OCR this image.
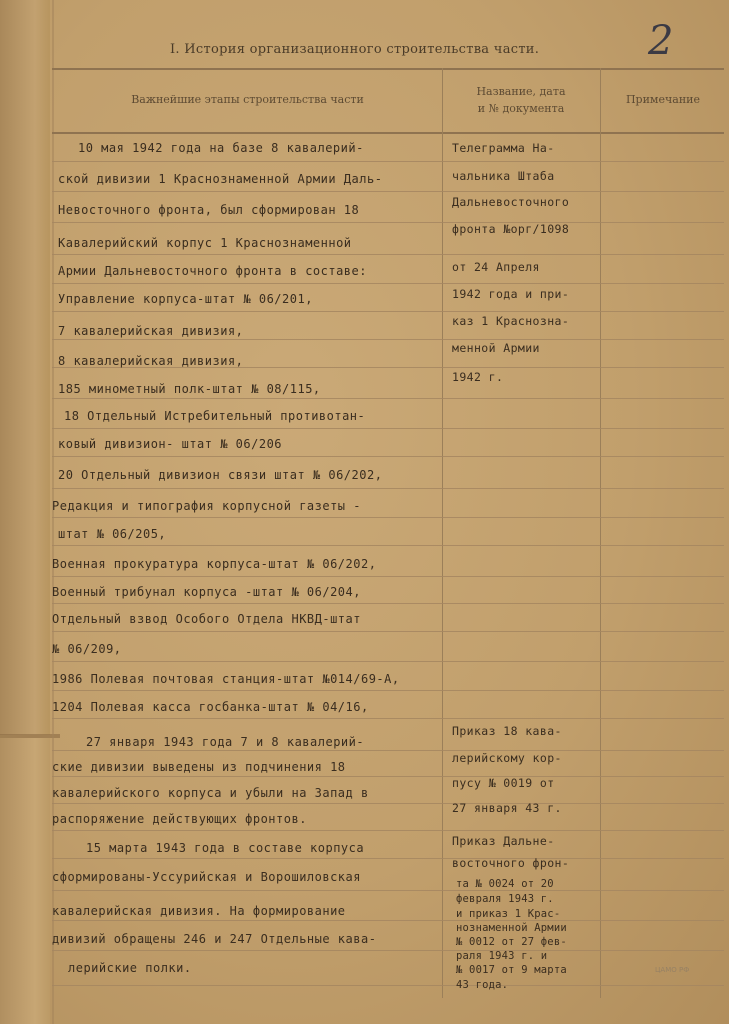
I. История организационного строительства части.	2
Важнейшие этапы строительства части
Название, дата
и № документа
Примечание
10 мая 1942 года на базе 8 кавалерий-
ской дивизии 1 Краснознаменной Армии Даль-
Невосточного фронта, был сформирован 18
Кавалерийский корпус 1 Краснознаменной
Армии Дальневосточного фронта в составе:
Управление корпуса-штат № 06/201,
7 кавалерийская дивизия,
8 кавалерийская дивизия,
185 минометный полк-штат № 08/115,
18 Отдельный Истребительный противотан-
ковый дивизион- штат № 06/206
20 Отдельный дивизион связи штат № 06/202,
Редакция и типография корпусной газеты -
штат № 06/205,
Военная прокуратура корпуса-штат № 06/202,
Военный трибунал корпуса -штат № 06/204,
Отдельный взвод Особого Отдела НКВД-штат
№ 06/209,
1986 Полевая почтовая станция-штат №014/69-А,
1204 Полевая касса госбанка-штат № 04/16,
27 января 1943 года 7 и 8 кавалерий-
ские дивизии выведены из подчинения 18
кавалерийского корпуса и убыли на Запад в
распоряжение действующих фронтов.
15 марта 1943 года в составе корпуса
сформированы-Уссурийская и Ворошиловская
кавалерийская дивизия. На формирование
дивизий обращены 246 и 247 Отдельные кава-
лерийские полки.
Телеграмма На-
чальника Штаба
Дальневосточного
фронта №орг/1098
от 24 Апреля
1942 года и при-
каз 1 Краснозна-
менной Армии
1942 г.
Приказ 18 кава-
лерийскому кор-
пусу № 0019 от
27 января 43 г.
Приказ Дальне-
восточного фрон-
та № 0024 от 20
февраля 1943 г.
и приказ 1 Крас-
нознаменной Армии
№ 0012 от 27 фев-
раля 1943 г. и
№ 0017 от 9 марта
43 года.
ЦАМО РФ
